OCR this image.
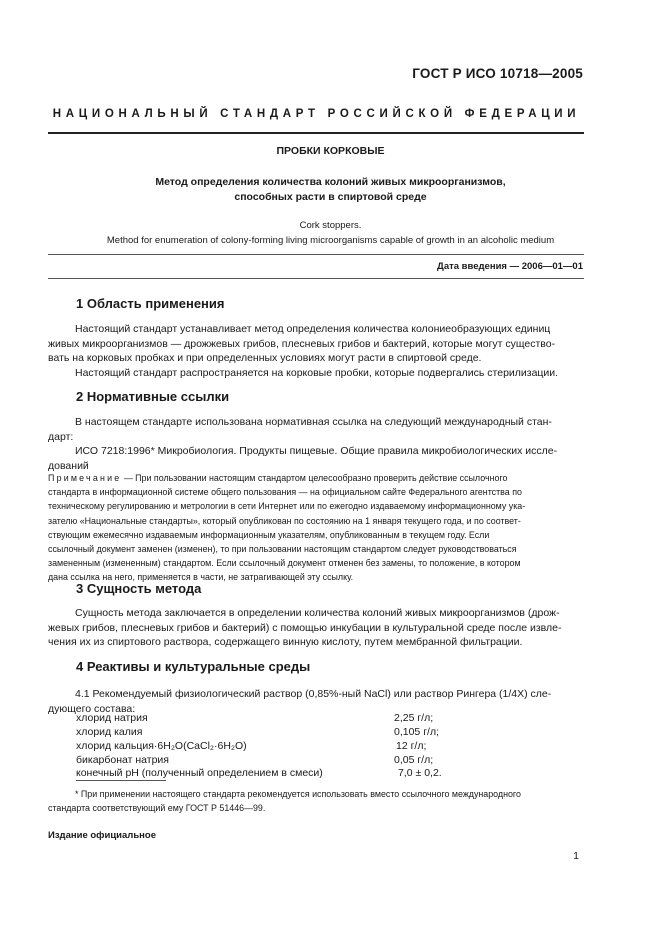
ГОСТ Р ИСО 10718—2005
НАЦИОНАЛЬНЫЙ СТАНДАРТ РОССИЙСКОЙ ФЕДЕРАЦИИ
ПРОБКИ КОРКОВЫЕ
Метод определения количества колоний живых микроорганизмов,
способных расти в спиртовой среде
Cork stoppers.
Method for enumeration of colony-forming living microorganisms capable of growth in an alcoholic medium
Дата введения — 2006—01—01
1 Область применения
Настоящий стандарт устанавливает метод определения количества колониеобразующих единиц
живых микроорганизмов — дрожжевых грибов, плесневых грибов и бактерий, которые могут существо-
вать на корковых пробках и при определенных условиях могут расти в спиртовой среде.
Настоящий стандарт распространяется на корковые пробки, которые подвергались стерилизации.
2 Нормативные ссылки
В настоящем стандарте использована нормативная ссылка на следующий международный стан-
дарт:
ИСО 7218:1996* Микробиология. Продукты пищевые. Общие правила микробиологических иссле-
дований
Примечание — При пользовании настоящим стандартом целесообразно проверить действие ссылочного
стандарта в информационной системе общего пользования — на официальном сайте Федерального агентства по
техническому регулированию и метрологии в сети Интернет или по ежегодно издаваемому информационному ука-
зателю «Национальные стандарты», который опубликован по состоянию на 1 января текущего года, и по соответ-
ствующим ежемесячно издаваемым информационным указателям, опубликованным в текущем году. Если
ссылочный документ заменен (изменен), то при пользовании настоящим стандартом следует руководствоваться
замененным (измененным) стандартом. Если ссылочный документ отменен без замены, то положение, в котором
дана ссылка на него, применяется в части, не затрагивающей эту ссылку.
3 Сущность метода
Сущность метода заключается в определении количества колоний живых микроорганизмов (дрож-
жевых грибов, плесневых грибов и бактерий) с помощью инкубации в культуральной среде после извле-
чения их из спиртового раствора, содержащего винную кислоту, путем мембранной фильтрации.
4 Реактивы и культуральные среды
4.1 Рекомендуемый физиологический раствор (0,85%-ный NaCl) или раствор Рингера (1/4Х) сле-
дующего состава:
хлорид натрия	2,25 г/л;
хлорид калия	0,105 г/л;
хлорид кальция·6H₂O(CaCl₂·6H₂O)	12 г/л;
бикарбонат натрия	0,05 г/л;
конечный pH (полученный определением в смеси)	7,0 ± 0,2.
* При применении настоящего стандарта рекомендуется использовать вместо ссылочного международного
стандарта соответствующий ему ГОСТ Р 51446—99.
Издание официальное
1
